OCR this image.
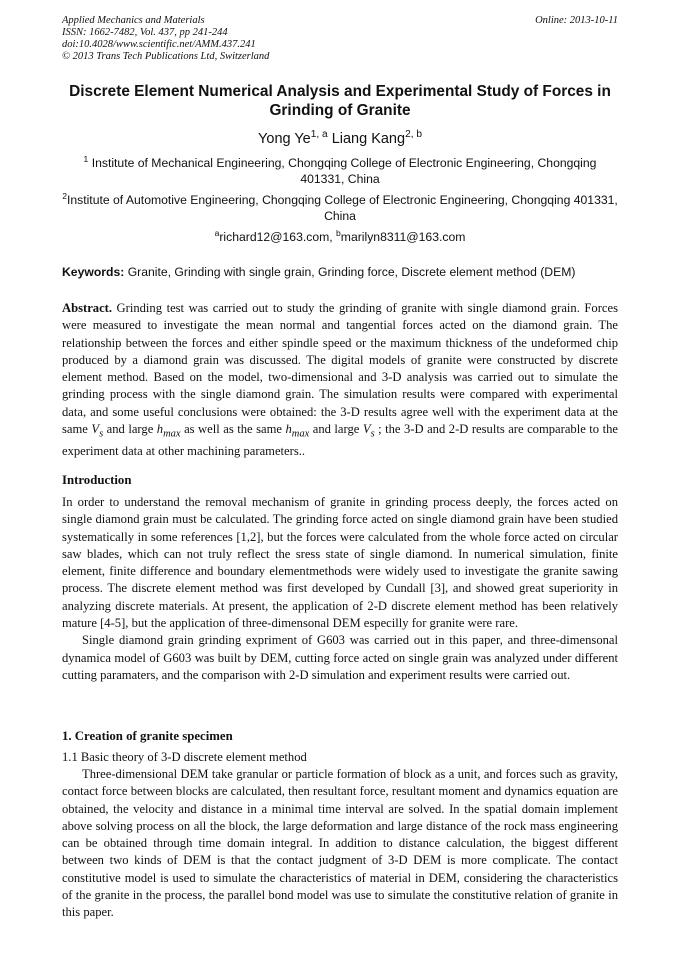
Applied Mechanics and Materials
ISSN: 1662-7482, Vol. 437, pp 241-244
doi:10.4028/www.scientific.net/AMM.437.241
© 2013 Trans Tech Publications Ltd, Switzerland
Online: 2013-10-11
Discrete Element Numerical Analysis and Experimental Study of Forces in Grinding of Granite
Yong Ye$^{1, a}$ Liang Kang$^{2, b}$
$^1$ Institute of Mechanical Engineering, Chongqing College of Electronic Engineering, Chongqing 401331, China
$^2$Institute of Automotive Engineering, Chongqing College of Electronic Engineering, Chongqing 401331, China
$^a$richard12@163.com, $^b$marilyn8311@163.com
Keywords: Granite, Grinding with single grain, Grinding force, Discrete element method (DEM)
Abstract. Grinding test was carried out to study the grinding of granite with single diamond grain. Forces were measured to investigate the mean normal and tangential forces acted on the diamond grain. The relationship between the forces and either spindle speed or the maximum thickness of the undeformed chip produced by a diamond grain was discussed. The digital models of granite were constructed by discrete element method. Based on the model, two-dimensional and 3-D analysis was carried out to simulate the grinding process with the single diamond grain. The simulation results were compared with experimental data, and some useful conclusions were obtained: the 3-D results agree well with the experiment data at the same $V_s$ and large $h_{max}$ as well as the same $h_{max}$ and large $V_s$ ; the 3-D and 2-D results are comparable to the experiment data at other machining parameters..
Introduction

In order to understand the removal mechanism of granite in grinding process deeply, the forces acted on single diamond grain must be calculated. The grinding force acted on single diamond grain have been studied systematically in some references [1,2], but the forces were calculated from the whole force acted on circular saw blades, which can not truly reflect the sress state of single diamond. In numerical simulation, finite element, finite difference and boundary elementmethods were widely used to investigate the granite sawing process. The discrete element method was first developed by Cundall [3], and showed great superiority in analyzing discrete materials. At present, the application of 2-D discrete element method has been relatively mature [4-5], but the application of three-dimensonal DEM especilly for granite were rare.

Single diamond grain grinding expriment of G603 was carried out in this paper, and three-dimensonal dynamica model of G603 was built by DEM, cutting force acted on single grain was analyzed under different cutting paramaters, and the comparison with 2-D simulation and experiment results were carried out.

1. Creation of granite specimen
1.1 Basic theory of 3-D discrete element method

Three-dimensional DEM take granular or particle formation of block as a unit, and forces such as gravity, contact force between blocks are calculated, then resultant force, resultant moment and dynamics equation are obtained, the velocity and distance in a minimal time interval are solved. In the spatial domain implement above solving process on all the block, the large deformation and large distance of the rock mass engineering can be obtained through time domain integral. In addition to distance calculation, the biggest different between two kinds of DEM is that the contact judgment of 3-D DEM is more complicate. The contact constitutive model is used to simulate the characteristics of material in DEM, considering the characteristics of the granite in the process, the parallel bond model was use to simulate the constitutive relation of granite in this paper.
